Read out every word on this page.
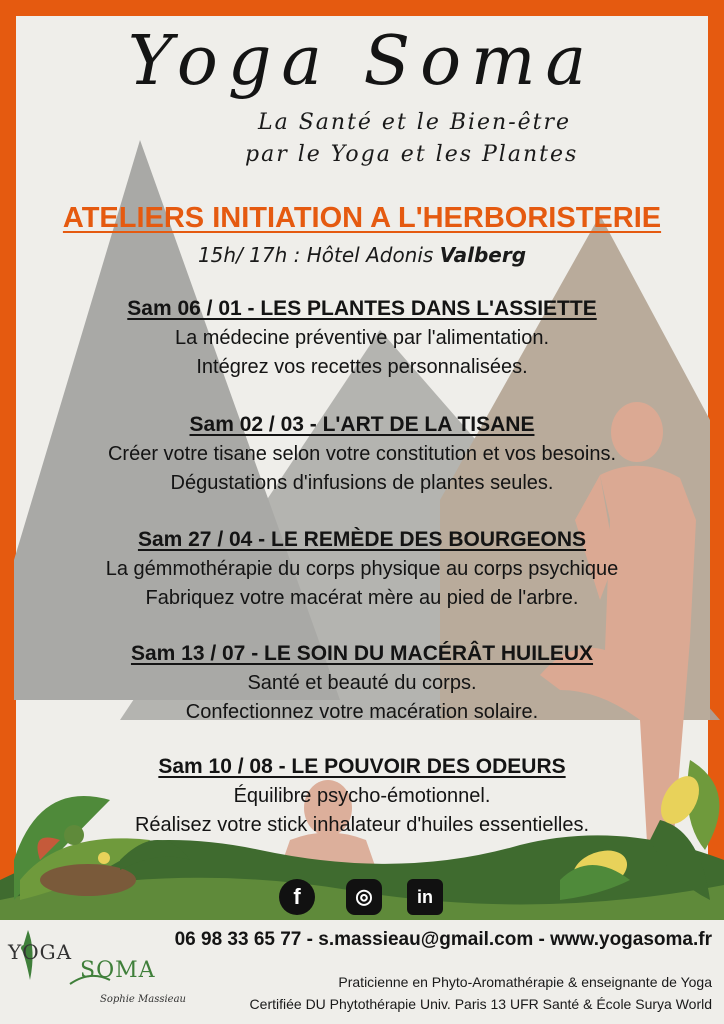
Yoga Soma
La Santé et le Bien-être
par le Yoga et les Plantes
ATELIERS INITIATION A L'HERBORISTERIE
15h/ 17h : Hôtel Adonis Valberg

Sam 06 / 01 - LES PLANTES DANS L'ASSIETTE

La médecine préventive par l'alimentation.

Intégrez vos recettes personnalisées.

Sam 02 / 03 - L'ART DE LA TISANE

Créer votre tisane selon votre constitution et vos besoins.

Dégustations d'infusions de plantes seules.

Sam 27 / 04 - LE REMÈDE DES BOURGEONS

La gémmothérapie du corps physique au corps psychique

Fabriquez votre macérat mère au pied de l'arbre.

Sam 13 / 07 - LE SOIN DU MACÉRÂT HUILEUX

Santé et beauté du corps.

Confectionnez votre macération solaire.

Sam 10 / 08 - LE POUVOIR DES ODEURS

Équilibre psycho-émotionnel.

Réalisez votre stick inhalateur d'huiles essentielles.

f	◎	in
YOGA
SOMA
Sophie Massieau
06 98 33 65 77 - s.massieau@gmail.com - www.yogasoma.fr
Praticienne en Phyto-Aromathérapie & enseignante de Yoga
Certifiée DU Phytothérapie Univ. Paris 13 UFR Santé & École Surya World
